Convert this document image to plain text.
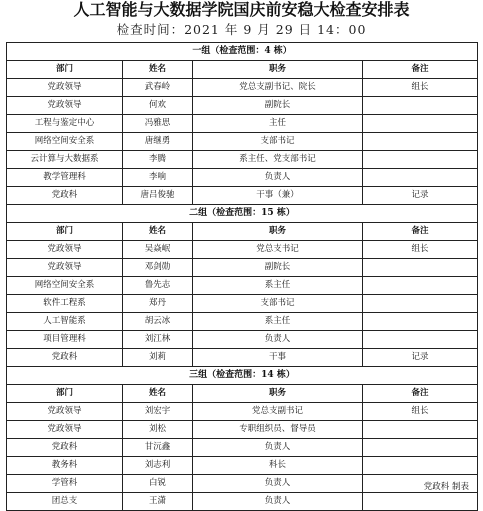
人工智能与大数据学院国庆前安稳大检查安排表
检查时间：2021 年 9 月 29 日 14：00
一组（检查范围：4 栋）			
部门	姓名	职务	备注
党政领导	武春岭	党总支副书记、院长	组长
党政领导	何欢	副院长	
工程与鉴定中心	冯雅思	主任	
网络空间安全系	唐继勇	支部书记	
云计算与大数据系	李腾	系主任、党支部书记	
教学管理科	李响	负责人	
党政科	唐吕俊驰	干事（兼）	记录
二组（检查范围：15 栋）			
部门	姓名	职务	备注
党政领导	吴焱岷	党总支书记	组长
党政领导	邓剑勋	副院长	
网络空间安全系	鲁先志	系主任	
软件工程系	郑丹	支部书记	
人工智能系	胡云冰	系主任	
项目管理科	刘江林	负责人	
党政科	刘莉	干事	记录
三组（检查范围：14 栋）			
部门	姓名	职务	备注
党政领导	刘宏宇	党总支副书记	组长
党政领导	刘松	专职组织员、督导员	
党政科	甘沅鑫	负责人	
教务科	刘志利	科长	
学管科	白锐	负责人	
团总支	王潇	负责人	
党政科 制表
